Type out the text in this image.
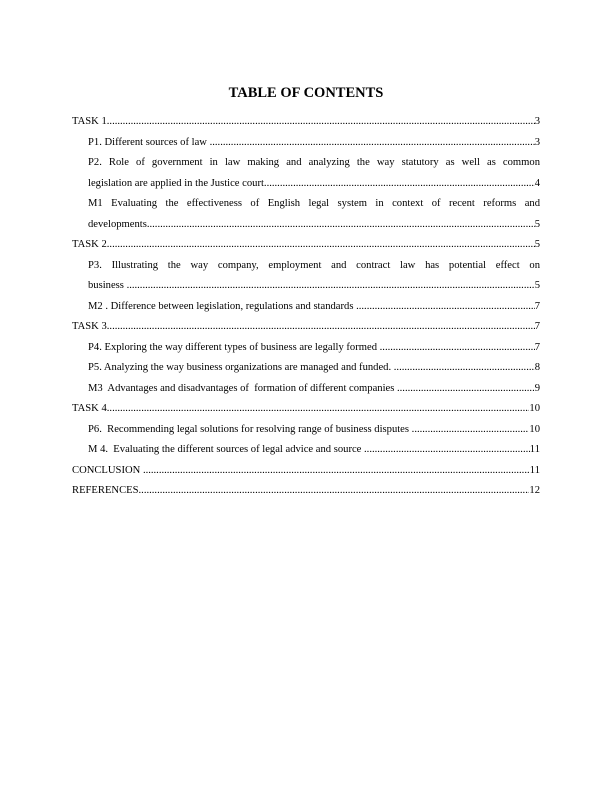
TABLE OF CONTENTS
TASK 1 .....	3
P1. Different sources of law .....	3
P2. Role of government in law making and analyzing the way statutory as well as common
legislation are applied in the Justice court. .....	4
M1 Evaluating the effectiveness of English legal system in context of recent reforms and
developments. .....	5
TASK 2 .....	5
P3. Illustrating the way company, employment and contract law has potential effect on
business .....	5
M2 . Difference between legislation, regulations and standards .....	7
TASK 3 .....	7
P4. Exploring the way different types of business are legally formed .....	7
P5. Analyzing the way business organizations are managed and funded. .....	8
M3  Advantages and disadvantages of  formation of different companies .....	9
TASK 4 .....	10
P6.  Recommending legal solutions for resolving range of business disputes .....	10
M 4.  Evaluating the different sources of legal advice and source .....	11
CONCLUSION .....	11
REFERENCES .....	12
